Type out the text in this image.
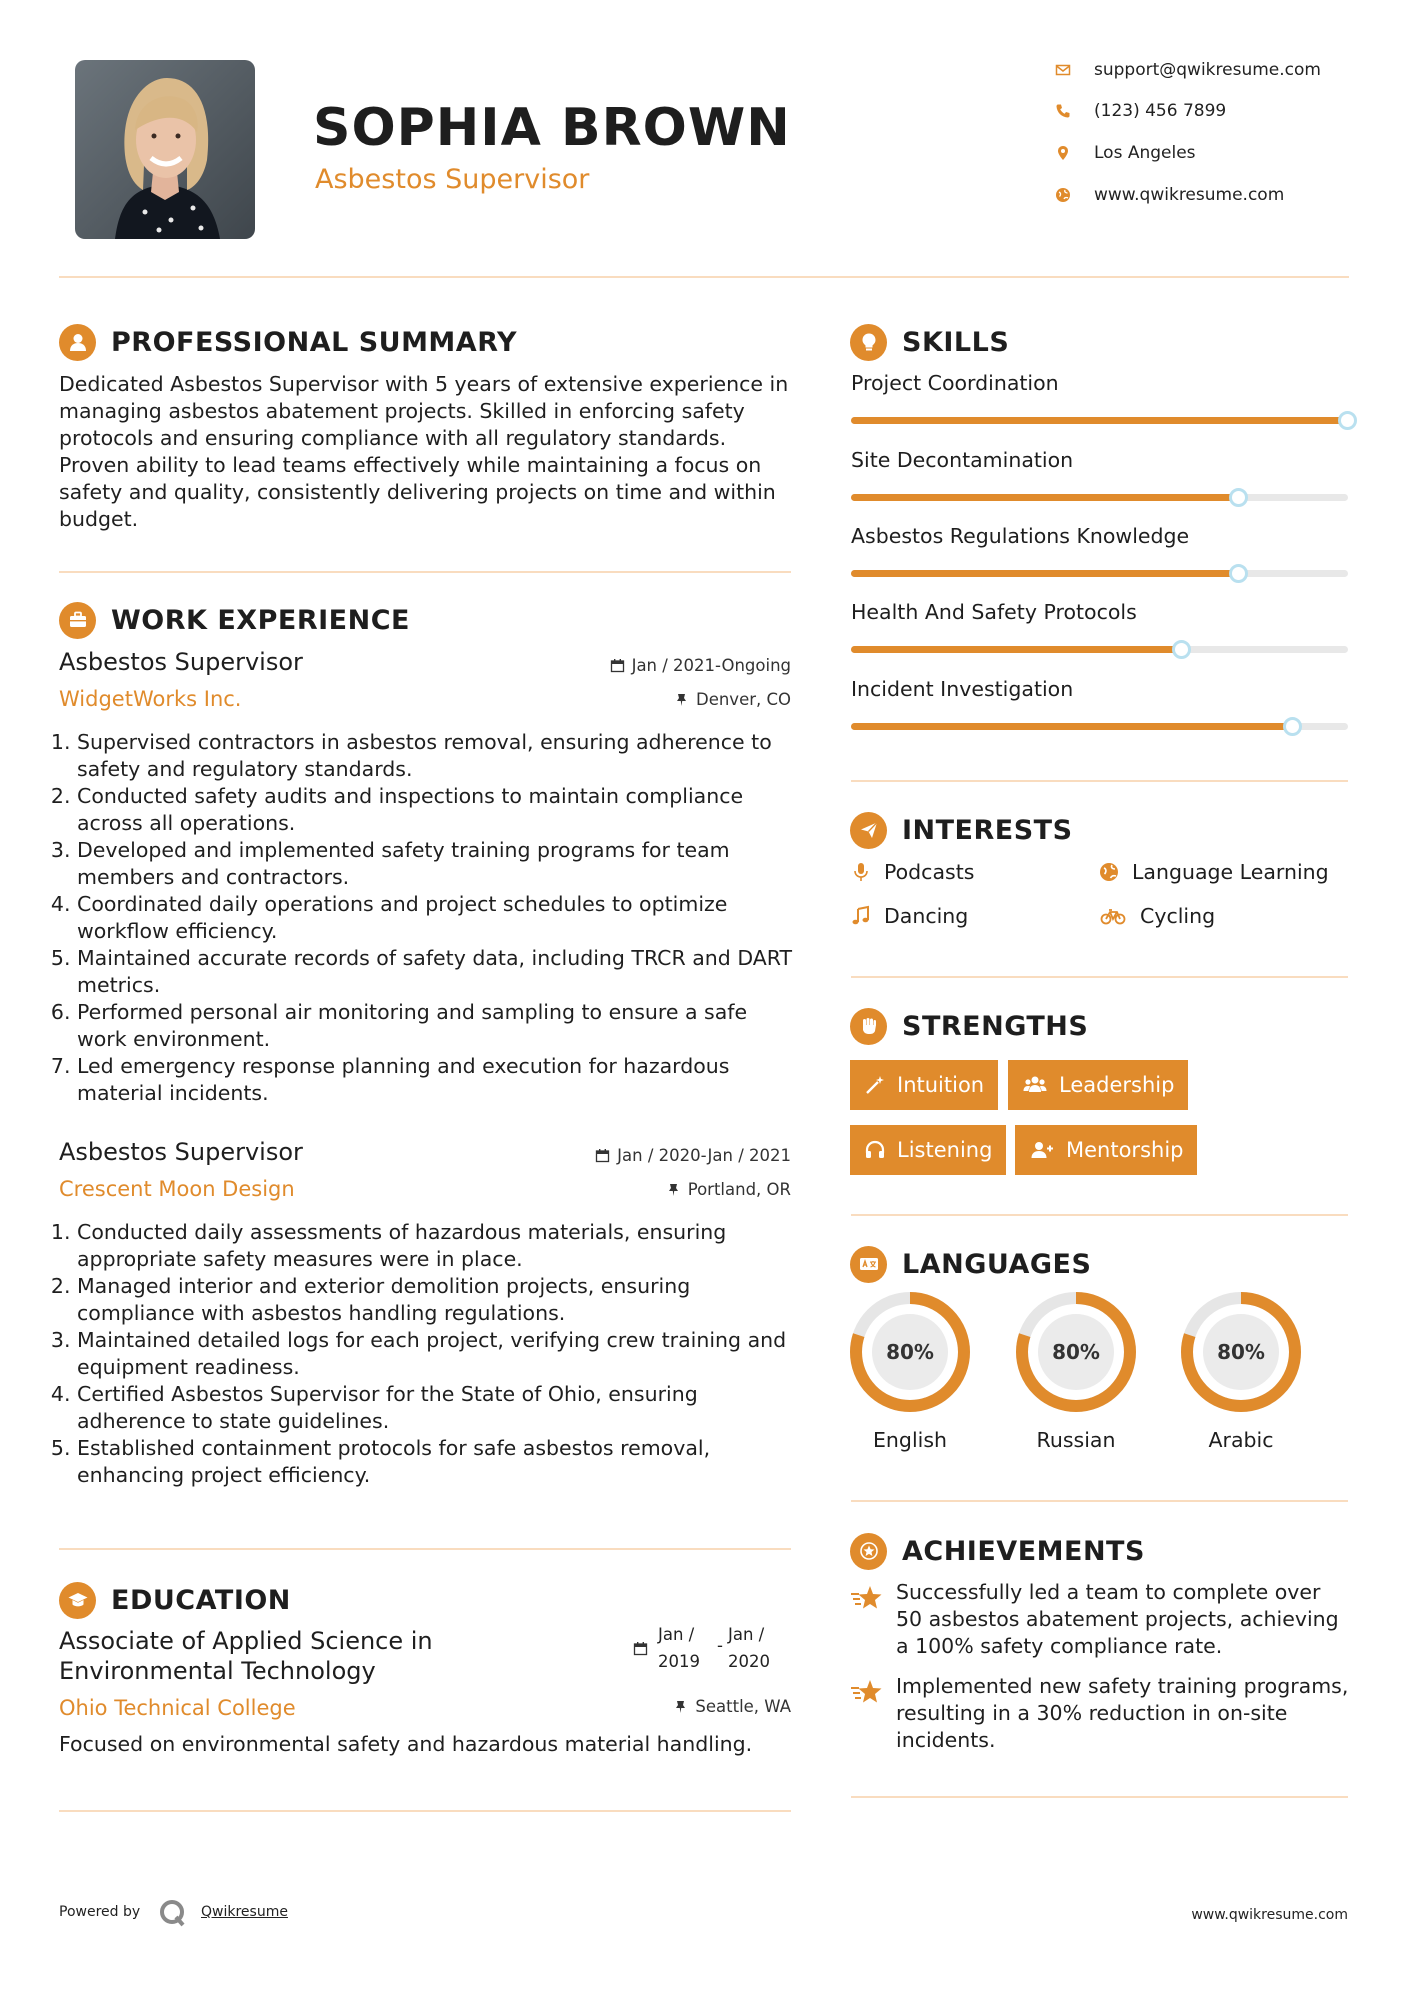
SOPHIA BROWN
Asbestos Supervisor
support@qwikresume.com
(123) 456 7899
Los Angeles
www.qwikresume.com
PROFESSIONAL SUMMARY
Dedicated Asbestos Supervisor with 5 years of extensive experience in managing asbestos abatement projects. Skilled in enforcing safety protocols and ensuring compliance with all regulatory standards. Proven ability to lead teams effectively while maintaining a focus on safety and quality, consistently delivering projects on time and within budget.
WORK EXPERIENCE
Asbestos Supervisor	Jan / 2021-Ongoing
WidgetWorks Inc.	Denver, CO
1. Supervised contractors in asbestos removal, ensuring adherence to safety and regulatory standards.
2. Conducted safety audits and inspections to maintain compliance across all operations.
3. Developed and implemented safety training programs for team members and contractors.
4. Coordinated daily operations and project schedules to optimize workflow efficiency.
5. Maintained accurate records of safety data, including TRCR and DART metrics.
6. Performed personal air monitoring and sampling to ensure a safe work environment.
7. Led emergency response planning and execution for hazardous material incidents.
Asbestos Supervisor	Jan / 2020-Jan / 2021
Crescent Moon Design	Portland, OR
1. Conducted daily assessments of hazardous materials, ensuring appropriate safety measures were in place.
2. Managed interior and exterior demolition projects, ensuring compliance with asbestos handling regulations.
3. Maintained detailed logs for each project, verifying crew training and equipment readiness.
4. Certified Asbestos Supervisor for the State of Ohio, ensuring adherence to state guidelines.
5. Established containment protocols for safe asbestos removal, enhancing project efficiency.
EDUCATION
Associate of Applied Science in
Environmental Technology
Jan /
2019
-
Jan /
2020
Ohio Technical College	Seattle, WA
Focused on environmental safety and hazardous material handling.
SKILLS
Project Coordination
Site Decontamination
Asbestos Regulations Knowledge
Health And Safety Protocols
Incident Investigation
INTERESTS
Podcasts	Language Learning
Dancing	Cycling
STRENGTHS
Intuition	Leadership
Listening	Mentorship
LANGUAGES
80%
English
80%
Russian
80%
Arabic
ACHIEVEMENTS
Successfully led a team to complete over 50 asbestos abatement projects, achieving a 100% safety compliance rate.
Implemented new safety training programs, resulting in a 30% reduction in on-site incidents.
Powered by	Qwikresume	www.qwikresume.com
